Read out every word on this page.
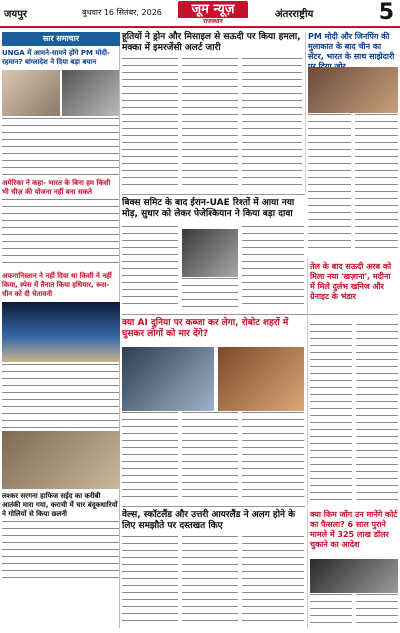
जयपुर	बुधवार 16 सितंबर, 2026	जूम न्यूज़
राजस्थान
अंतरराष्ट्रीय	5
सार समाचार
UNGA में आमने-सामने होंगे PM मोदी-रहमान? बांग्लादेश ने दिया बड़ा बयान
अमेरिका ने कहा- भारत के बिना हम किसी भी चीज़ की योजना नहीं बना सकते
अफगानिस्तान ने नहीं दिया था किसी ने नहीं किया, स्पेस में तैनात किया हथियार, रूस-चीन को दी चेतावनी
लश्कर सरगना हाफिज सईद का करीबी आतंकी मारा गया, कराची में चार बंदूकधारियों ने गोलियों से किया छलनी
हूतियों ने ड्रोन और मिसाइल से सऊदी पर किया हमला, मक्का में इमरजेंसी अलर्ट जारी
PM मोदी और जिनपिंग की मुलाकात के बाद चीन का सेंटर, भारत के साथ साझेदारी
बिक्स समिट के बाद ईरान-UAE रिश्तों में आया नया मोड़, सुधार को लेकर पेजेश्कियान ने किया बड़ा दावा
क्या AI दुनिया पर कब्जा कर लेगा, रोबोट शहरों में घुसकर लोगों को मार देंगे?
तेल के बाद सऊदी अरब को मिला नया 'खज़ाना', मदीना में मिले दुर्लभ खनिज और ग्रेनाइट के भंडार
वेल्स, स्कॉटलैंड और उत्तरी आयरलैंड ने अलग होने के लिए समझौते पर दस्तखत किए
क्या किम जोंग उन मानेंगे कोर्ट का फैसला? 6 साल पुराने मामले में 325 लाख डॉलर चुकाने का आदेश
